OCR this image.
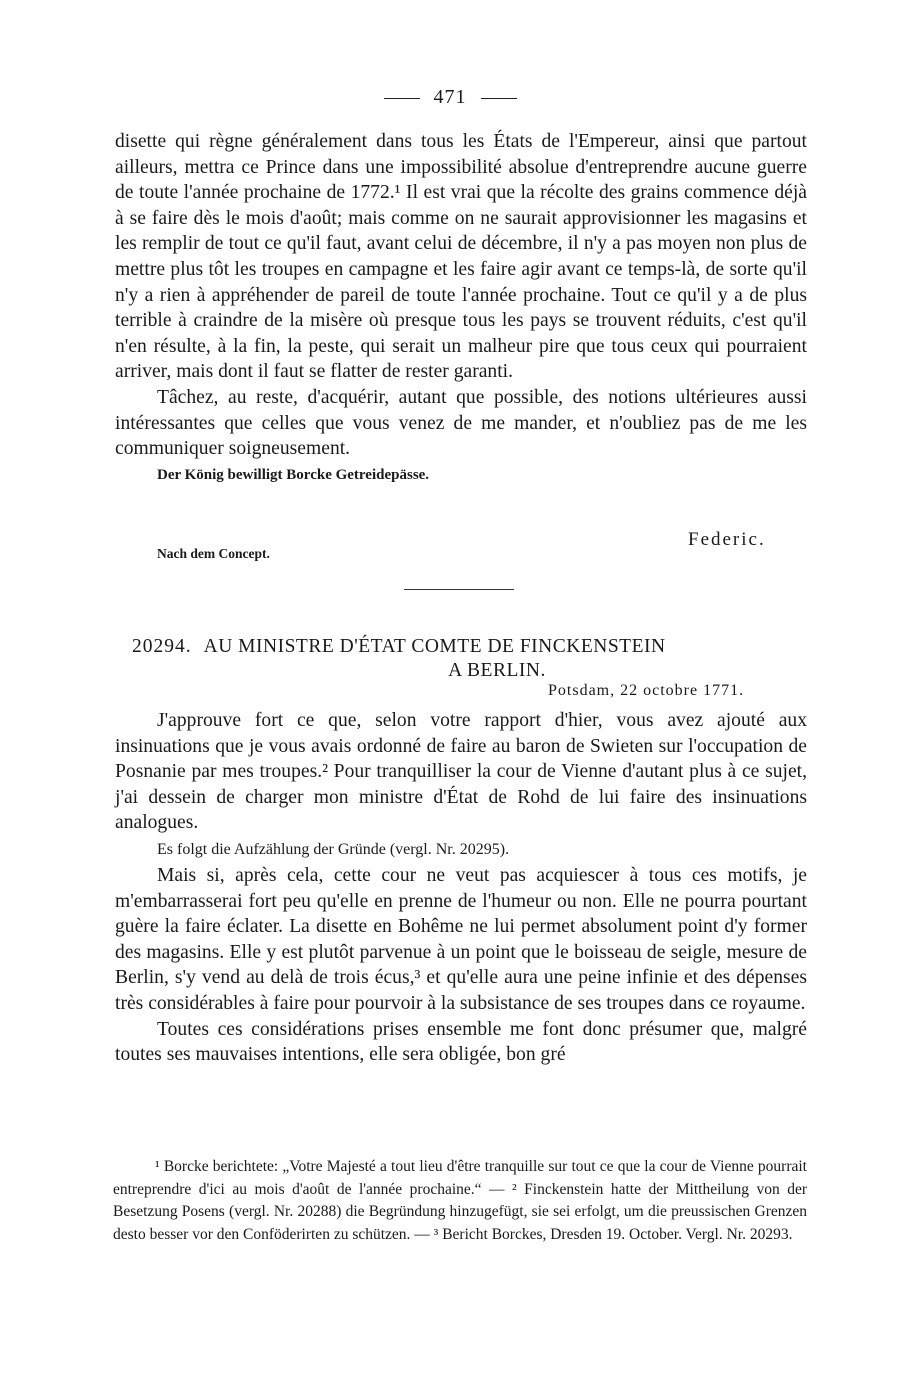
471

disette qui règne généralement dans tous les États de l'Empereur, ainsi que partout ailleurs, mettra ce Prince dans une impossibilité absolue d'entreprendre aucune guerre de toute l'année prochaine de 1772.¹ Il est vrai que la récolte des grains commence déjà à se faire dès le mois d'août; mais comme on ne saurait approvisionner les magasins et les remplir de tout ce qu'il faut, avant celui de décembre, il n'y a pas moyen non plus de mettre plus tôt les troupes en campagne et les faire agir avant ce temps-là, de sorte qu'il n'y a rien à appréhender de pareil de toute l'année prochaine. Tout ce qu'il y a de plus terrible à craindre de la misère où presque tous les pays se trouvent réduits, c'est qu'il n'en résulte, à la fin, la peste, qui serait un malheur pire que tous ceux qui pourraient arriver, mais dont il faut se flatter de rester garanti.

Tâchez, au reste, d'acquérir, autant que possible, des notions ultérieures aussi intéressantes que celles que vous venez de me mander, et n'oubliez pas de me les communiquer soigneusement.

Der König bewilligt Borcke Getreidepässe.
Federic.
Nach dem Concept.
20294. AU MINISTRE D'ÉTAT COMTE DE FINCKENSTEIN
A BERLIN.
Potsdam, 22 octobre 1771.

J'approuve fort ce que, selon votre rapport d'hier, vous avez ajouté aux insinuations que je vous avais ordonné de faire au baron de Swieten sur l'occupation de Posnanie par mes troupes.² Pour tranquilliser la cour de Vienne d'autant plus à ce sujet, j'ai dessein de charger mon ministre d'État de Rohd de lui faire des insinuations analogues.

Es folgt die Aufzählung der Gründe (vergl. Nr. 20295).

Mais si, après cela, cette cour ne veut pas acquiescer à tous ces motifs, je m'embarrasserai fort peu qu'elle en prenne de l'humeur ou non. Elle ne pourra pourtant guère la faire éclater. La disette en Bohême ne lui permet absolument point d'y former des magasins. Elle y est plutôt parvenue à un point que le boisseau de seigle, mesure de Berlin, s'y vend au delà de trois écus,³ et qu'elle aura une peine infinie et des dépenses très considérables à faire pour pourvoir à la subsistance de ses troupes dans ce royaume.

Toutes ces considérations prises ensemble me font donc présumer que, malgré toutes ses mauvaises intentions, elle sera obligée, bon gré

¹ Borcke berichtete: „Votre Majesté a tout lieu d'être tranquille sur tout ce que la cour de Vienne pourrait entreprendre d'ici au mois d'août de l'année prochaine.“ — ² Finckenstein hatte der Mittheilung von der Besetzung Posens (vergl. Nr. 20288) die Begründung hinzugefügt, sie sei erfolgt, um die preussischen Grenzen desto besser vor den Conföderirten zu schützen. — ³ Bericht Borckes, Dresden 19. October. Vergl. Nr. 20293.
